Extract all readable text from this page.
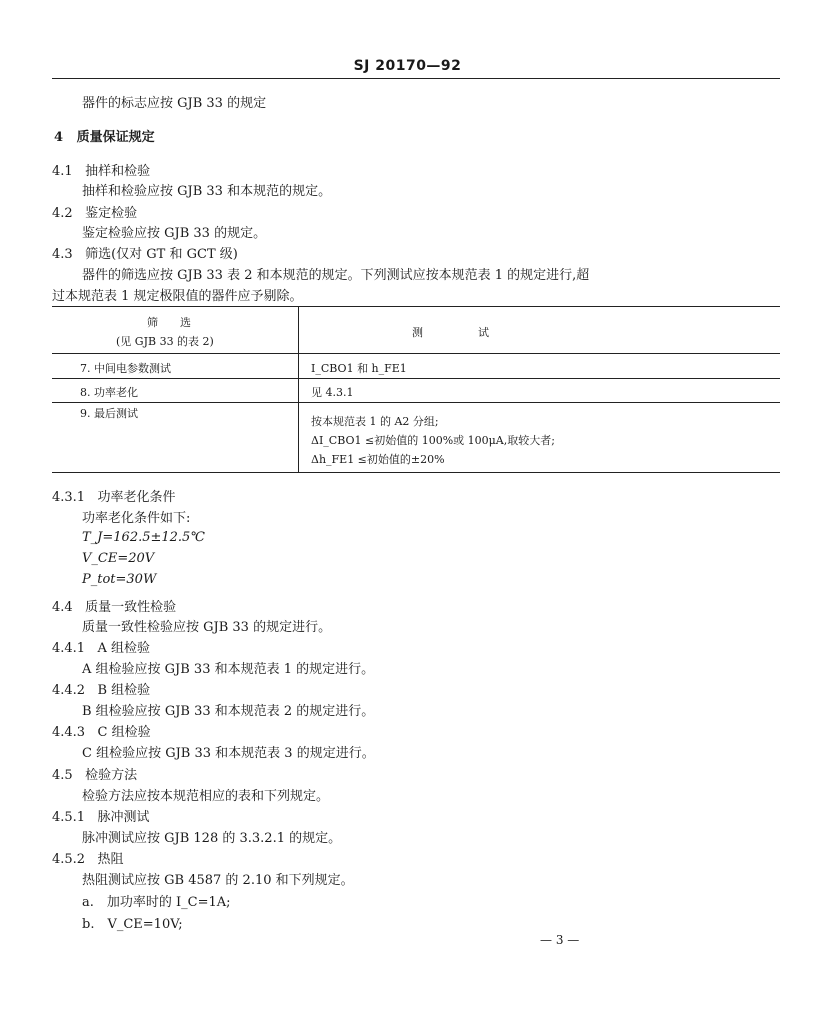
SJ 20170—92
器件的标志应按 GJB 33 的规定
4 质量保证规定
4.1 抽样和检验
抽样和检验应按 GJB 33 和本规范的规定。
4.2 鉴定检验
鉴定检验应按 GJB 33 的规定。
4.3 筛选(仅对 GT 和 GCT 级)
器件的筛选应按 GJB 33 表 2 和本规范的规定。下列测试应按本规范表 1 的规定进行,超
过本规范表 1 规定极限值的器件应予剔除。
筛　　选
(见 GJB 33 的表 2)
测　　　　　试
7. 中间电参数测试	I_CBO1 和 h_FE1
8. 功率老化	见 4.3.1
9. 最后测试
按本规范表 1 的 A2 分组;
ΔI_CBO1 ≤初始值的 100%或 100μA,取较大者;
Δh_FE1 ≤初始值的±20%
4.3.1 功率老化条件
功率老化条件如下:
T_J=162.5±12.5℃
V_CE=20V
P_tot=30W
4.4 质量一致性检验
质量一致性检验应按 GJB 33 的规定进行。
4.4.1 A 组检验
A 组检验应按 GJB 33 和本规范表 1 的规定进行。
4.4.2 B 组检验
B 组检验应按 GJB 33 和本规范表 2 的规定进行。
4.4.3 C 组检验
C 组检验应按 GJB 33 和本规范表 3 的规定进行。
4.5 检验方法
检验方法应按本规范相应的表和下列规定。
4.5.1 脉冲测试
脉冲测试应按 GJB 128 的 3.3.2.1 的规定。
4.5.2 热阻
热阻测试应按 GB 4587 的 2.10 和下列规定。
a.　加功率时的 I_C=1A;
b.　V_CE=10V;
— 3 —
